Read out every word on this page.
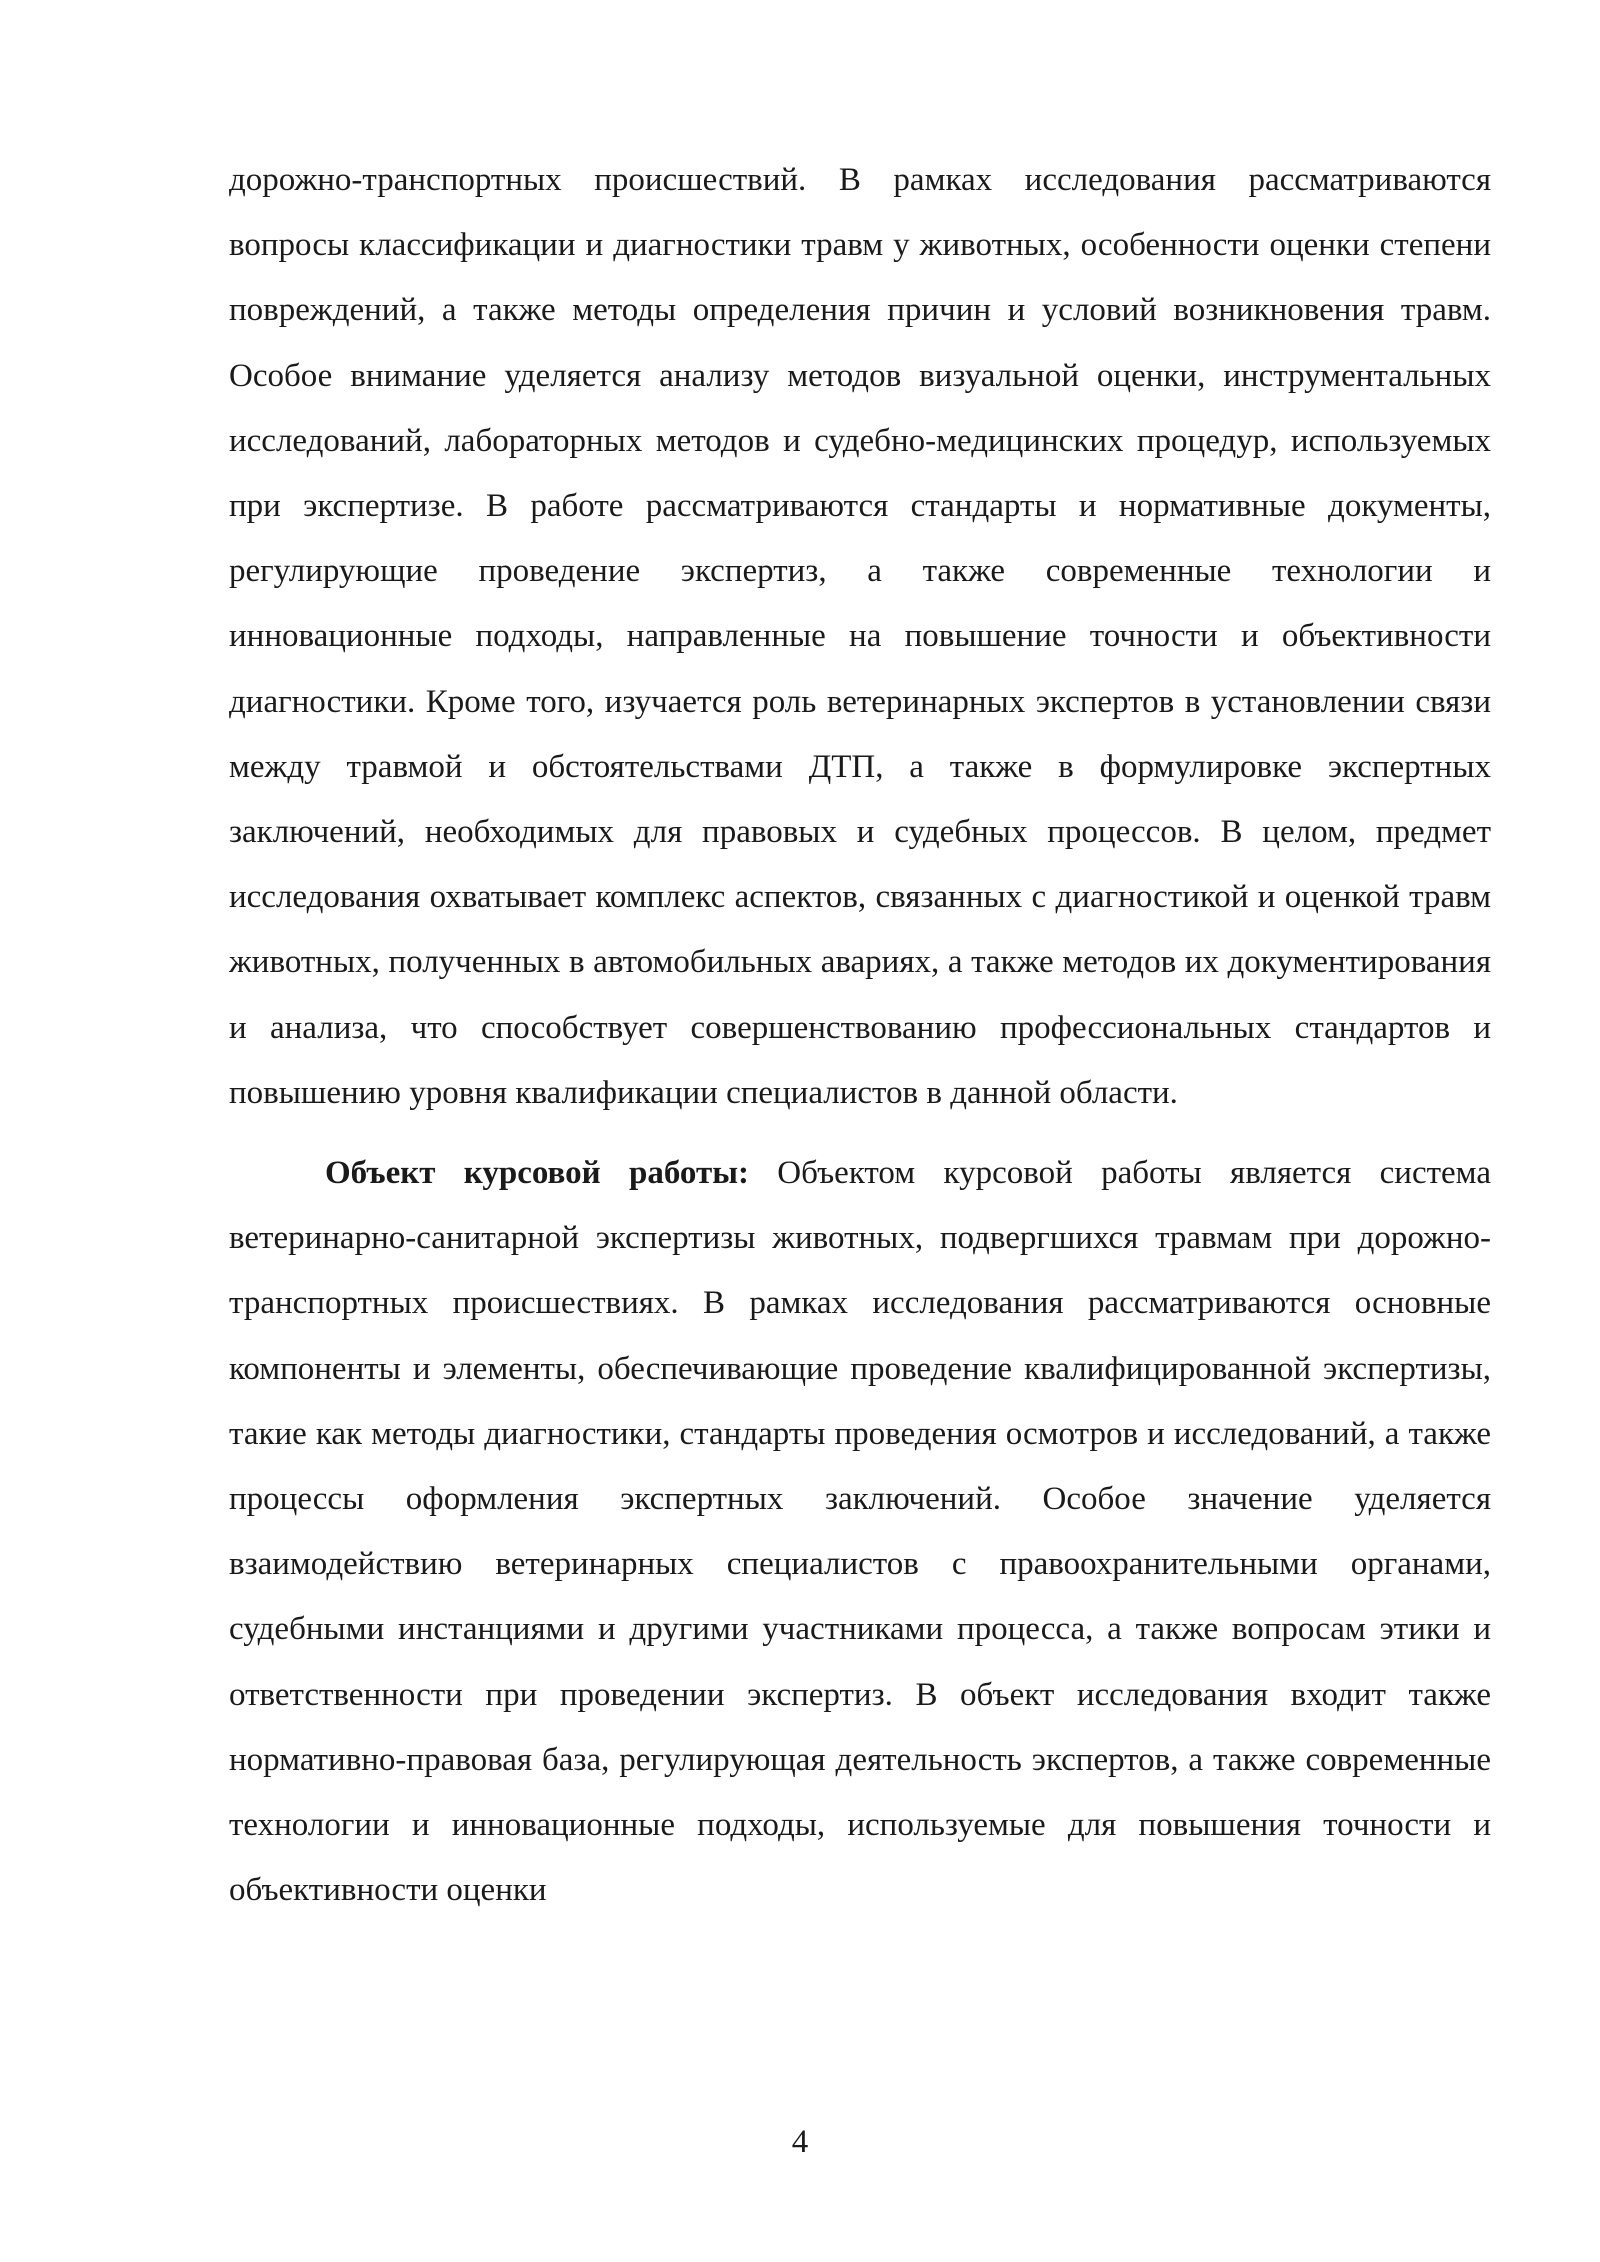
дорожно-транспортных происшествий. В рамках исследования рассматриваются вопросы классификации и диагностики травм у животных, особенности оценки степени повреждений, а также методы определения причин и условий возникновения травм. Особое внимание уделяется анализу методов визуальной оценки, инструментальных исследований, лабораторных методов и судебно-медицинских процедур, используемых при экспертизе. В работе рассматриваются стандарты и нормативные документы, регулирующие проведение экспертиз, а также современные технологии и инновационные подходы, направленные на повышение точности и объективности диагностики. Кроме того, изучается роль ветеринарных экспертов в установлении связи между травмой и обстоятельствами ДТП, а также в формулировке экспертных заключений, необходимых для правовых и судебных процессов. В целом, предмет исследования охватывает комплекс аспектов, связанных с диагностикой и оценкой травм животных, полученных в автомобильных авариях, а также методов их документирования и анализа, что способствует совершенствованию профессиональных стандартов и повышению уровня квалификации специалистов в данной области.

Объект курсовой работы: Объектом курсовой работы является система ветеринарно-санитарной экспертизы животных, подвергшихся травмам при дорожно-транспортных происшествиях. В рамках исследования рассматриваются основные компоненты и элементы, обеспечивающие проведение квалифицированной экспертизы, такие как методы диагностики, стандарты проведения осмотров и исследований, а также процессы оформления экспертных заключений. Особое значение уделяется взаимодействию ветеринарных специалистов с правоохранительными органами, судебными инстанциями и другими участниками процесса, а также вопросам этики и ответственности при проведении экспертиз. В объект исследования входит также нормативно-правовая база, регулирующая деятельность экспертов, а также современные технологии и инновационные подходы, используемые для повышения точности и объективности оценки

4
